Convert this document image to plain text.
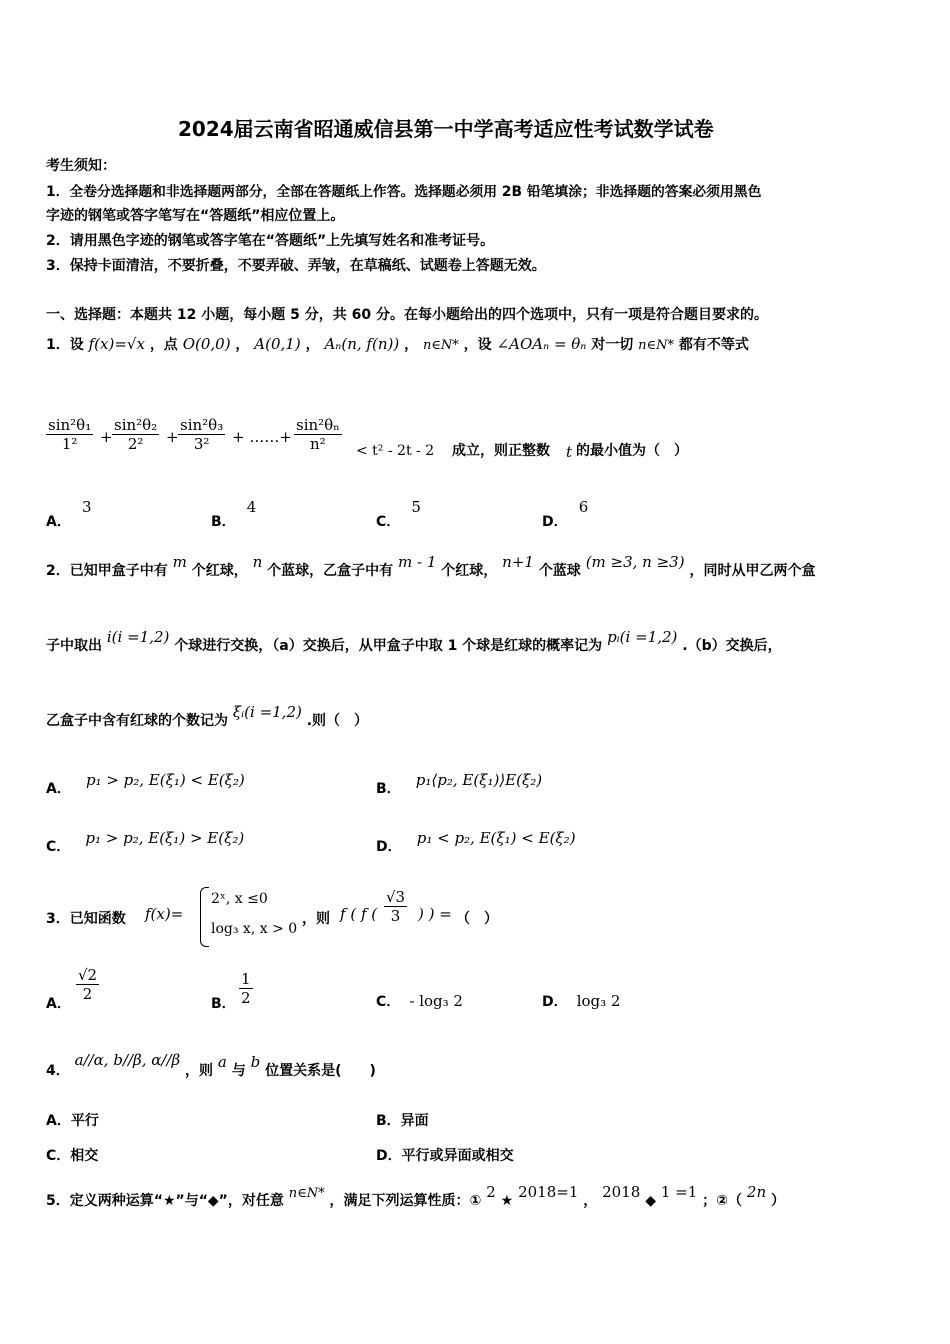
2024届云南省昭通威信县第一中学高考适应性考试数学试卷
考生须知：
1．全卷分选择题和非选择题两部分，全部在答题纸上作答。选择题必须用 2B 铅笔填涂；非选择题的答案必须用黑色
字迹的钢笔或答字笔写在“答题纸”相应位置上。
2．请用黑色字迹的钢笔或答字笔在“答题纸”上先填写姓名和准考证号。
3．保持卡面清洁，不要折叠，不要弄破、弄皱，在草稿纸、试题卷上答题无效。
一、选择题：本题共 12 小题，每小题 5 分，共 60 分。在每小题给出的四个选项中，只有一项是符合题目要求的。
1．设 f(x)=√x ，点 O(0,0) ， A(0,1) ， Aₙ(n, f(n)) ， n∈N* ，设 ∠AOAₙ = θₙ 对一切 n∈N* 都有不等式
$\frac{\text{sin²θ₁}}{\text{1²}} + \frac{\text{sin²θ₂}}{\text{2²}} + \frac{\text{sin²θ₃}}{\text{3²}}$ + ……+ $\frac{\text{sin²θₙ}}{\text{n²}} < t^2 - 2t - 2$ 成立，则正整数 t 的最小值为（　）
A． 3
B． 4
C． 5
D． 6
2．已知甲盒子中有 m 个红球， n 个蓝球，乙盒子中有 m - 1 个红球， n+1 个蓝球 (m ≥3, n ≥3) ，同时从甲乙两个盒
子中取出 i(i =1,2) 个球进行交换，（a）交换后，从甲盒子中取 1 个球是红球的概率记为 pᵢ(i =1,2) .（b）交换后，
乙盒子中含有红球的个数记为 ξᵢ(i =1,2) .则（　）
A． p₁ > p₂, E(ξ₁) < E(ξ₂)	B． p₁⟨p₂, E(ξ₁)⟩E(ξ₂)
C． p₁ > p₂, E(ξ₁) > E(ξ₂)	D． p₁ < p₂, E(ξ₁) < E(ξ₂)
3．已知函数 f(x)=
2ˣ, x ≤0
log₃ x, x > 0
，则 f ( f ( $\frac{√3}{3}$ ) ) = （　）
A．
$\frac{√2}{2}$
B． $\frac{1}{2}$	C． - log₃ 2	D． log₃ 2
4． a//α, b//β, α//β ，则 a 与 b 位置关系是(　　)
A．平行	B．异面
C．相交	D．平行或异面或相交
5．定义两种运算“★”与“◆”，对任意 n∈N* ，满足下列运算性质：① 2 ★ 2018=1 ， 2018 ◆ 1 =1 ；②（ 2n ）
